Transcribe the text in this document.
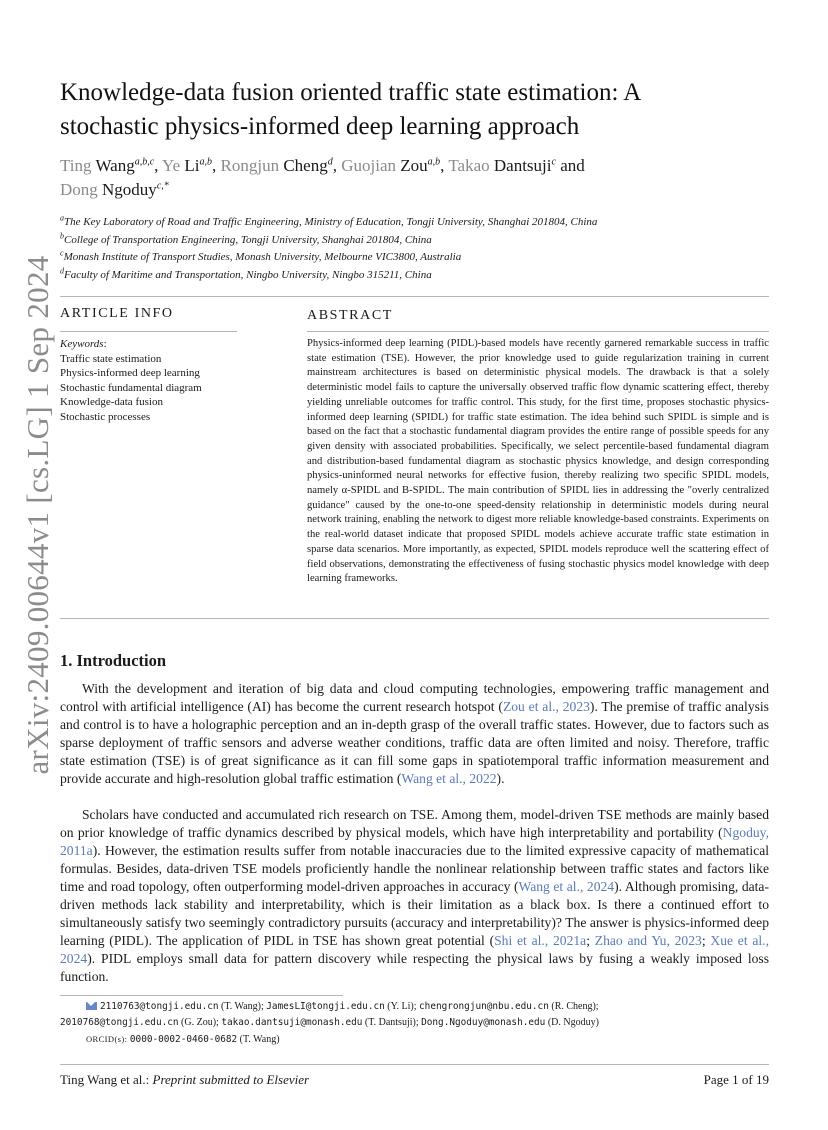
arXiv:2409.00644v1 [cs.LG] 1 Sep 2024
Knowledge-data fusion oriented traffic state estimation: A
stochastic physics-informed deep learning approach
Ting Wang$^{a,b,c}$, Ye Li$^{a,b}$, Rongjun Cheng$^d$, Guojian Zou$^{a,b}$, Takao Dantsuji$^c$ and
Dong Ngoduy$^{c,*}$
$^a$The Key Laboratory of Road and Traffic Engineering, Ministry of Education, Tongji University, Shanghai 201804, China
$^b$College of Transportation Engineering, Tongji University, Shanghai 201804, China
$^c$Monash Institute of Transport Studies, Monash University, Melbourne VIC3800, Australia
$^d$Faculty of Maritime and Transportation, Ningbo University, Ningbo 315211, China
ARTICLE INFO	ABSTRACT
Keywords:
Traffic state estimation
Physics-informed deep learning
Stochastic fundamental diagram
Knowledge-data fusion
Stochastic processes

Physics-informed deep learning (PIDL)-based models have recently garnered remarkable success in traffic state estimation (TSE). However, the prior knowledge used to guide regularization training in current mainstream architectures is based on deterministic physical models. The drawback is that a solely deterministic model fails to capture the universally observed traffic flow dynamic scattering effect, thereby yielding unreliable outcomes for traffic control. This study, for the first time, proposes stochastic physics-informed deep learning (SPIDL) for traffic state estimation. The idea behind such SPIDL is simple and is based on the fact that a stochastic fundamental diagram provides the entire range of possible speeds for any given density with associated probabilities. Specifically, we select percentile-based fundamental diagram and distribution-based fundamental diagram as stochastic physics knowledge, and design corresponding physics-uninformed neural networks for effective fusion, thereby realizing two specific SPIDL models, namely α-SPIDL and B-SPIDL. The main contribution of SPIDL lies in addressing the "overly centralized guidance" caused by the one-to-one speed-density relationship in deterministic models during neural network training, enabling the network to digest more reliable knowledge-based constraints. Experiments on the real-world dataset indicate that proposed SPIDL models achieve accurate traffic state estimation in sparse data scenarios. More importantly, as expected, SPIDL models reproduce well the scattering effect of field observations, demonstrating the effectiveness of fusing stochastic physics model knowledge with deep learning frameworks.

1. Introduction

With the development and iteration of big data and cloud computing technologies, empowering traffic management and control with artificial intelligence (AI) has become the current research hotspot (Zou et al., 2023). The premise of traffic analysis and control is to have a holographic perception and an in-depth grasp of the overall traffic states. However, due to factors such as sparse deployment of traffic sensors and adverse weather conditions, traffic data are often limited and noisy. Therefore, traffic state estimation (TSE) is of great significance as it can fill some gaps in spatiotemporal traffic information measurement and provide accurate and high-resolution global traffic estimation (Wang et al., 2022).

Scholars have conducted and accumulated rich research on TSE. Among them, model-driven TSE methods are mainly based on prior knowledge of traffic dynamics described by physical models, which have high interpretability and portability (Ngoduy, 2011a). However, the estimation results suffer from notable inaccuracies due to the limited expressive capacity of mathematical formulas. Besides, data-driven TSE models proficiently handle the nonlinear relationship between traffic states and factors like time and road topology, often outperforming model-driven approaches in accuracy (Wang et al., 2024). Although promising, data-driven methods lack stability and interpretability, which is their limitation as a black box. Is there a continued effort to simultaneously satisfy two seemingly contradictory pursuits (accuracy and interpretability)? The answer is physics-informed deep learning (PIDL). The application of PIDL in TSE has shown great potential (Shi et al., 2021a; Zhao and Yu, 2023; Xue et al., 2024). PIDL employs small data for pattern discovery while respecting the physical laws by fusing a weakly imposed loss function.

2110763@tongji.edu.cn (T. Wang); JamesLI@tongji.edu.cn (Y. Li); chengrongjun@nbu.edu.cn (R. Cheng);
2010768@tongji.edu.cn (G. Zou); takao.dantsuji@monash.edu (T. Dantsuji); Dong.Ngoduy@monash.edu (D. Ngoduy)
ORCID(s): 0000-0002-0460-0682 (T. Wang)
Ting Wang et al.: Preprint submitted to Elsevier	Page 1 of 19
